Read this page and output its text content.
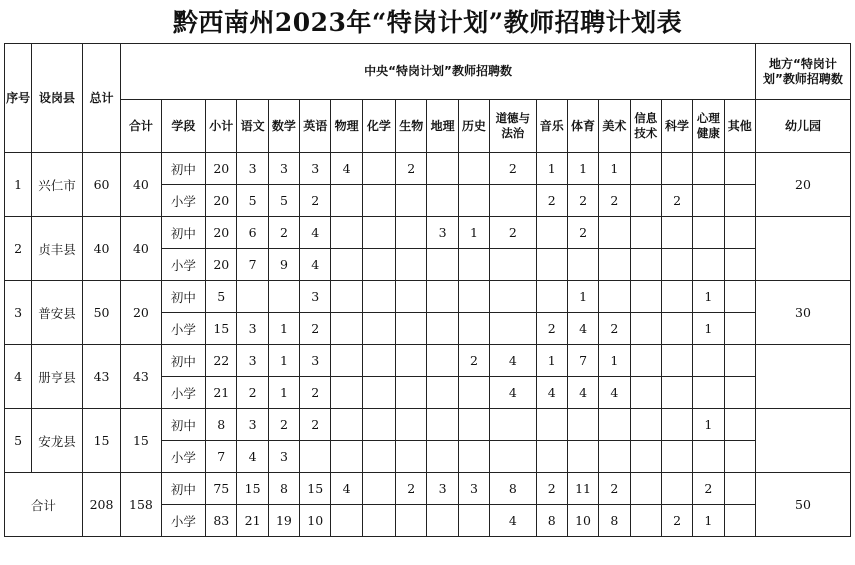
黔西南州2023年“特岗计划”教师招聘计划表
序号	设岗县	总计	中央“特岗计划”教师招聘数																			地方“特岗计划”教师招聘数
			合计	学段	小计	语文	数学	英语	物理	化学	生物	地理	历史	道德与法治	音乐	体育	美术	信息技术	科学	心理健康	其他	幼儿园
1	兴仁市	60	40	初中	20	3	3	3	4		2			2	1	1	1					20
				小学	20	5	5	2							2	2	2		2			
2	贞丰县	40	40	初中	20	6	2	4				3	1	2		2						
				小学	20	7	9	4														
3	普安县	50	20	初中	5			3								1				1		30
				小学	15	3	1	2							2	4	2			1		
4	册亨县	43	43	初中	22	3	1	3					2	4	1	7	1					
				小学	21	2	1	2						4	4	4	4					
5	安龙县	15	15	初中	8	3	2	2												1		
				小学	7	4	3															
合计		208	158	初中	75	15	8	15	4		2	3	3	8	2	11	2			2		50
				小学	83	21	19	10						4	8	10	8		2	1		
